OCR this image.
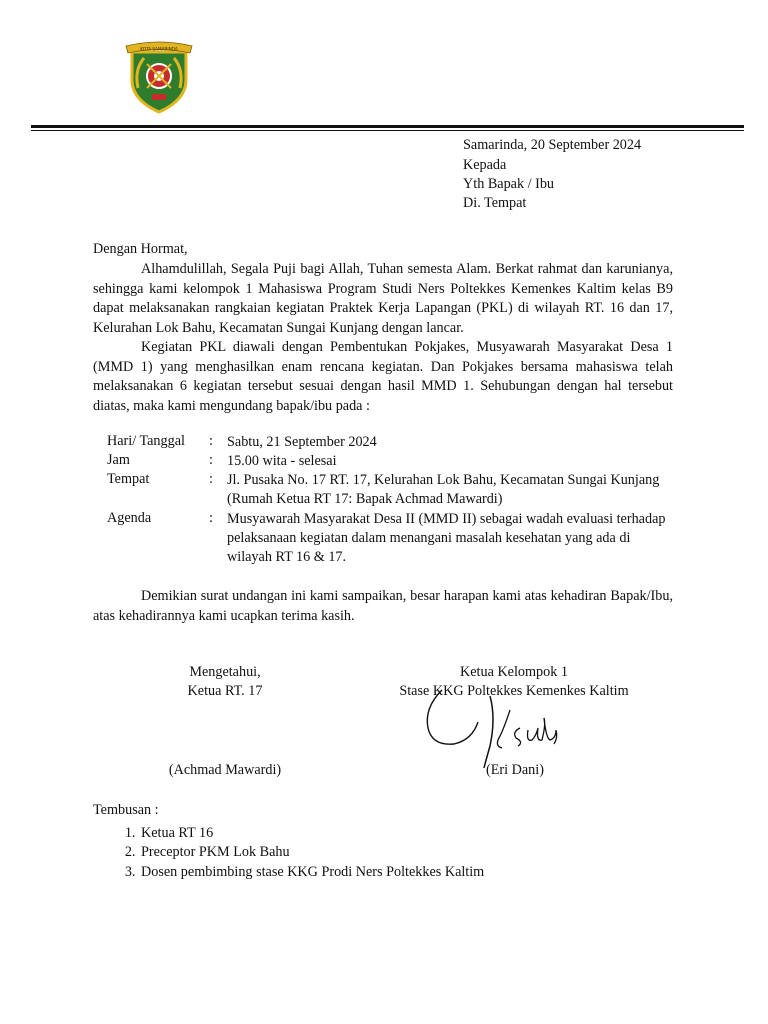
KOTA SAMARINDA
Samarinda, 20 September 2024
Kepada
Yth Bapak / Ibu
Di. Tempat
Dengan Hormat,
Alhamdulillah, Segala Puji bagi Allah, Tuhan semesta Alam. Berkat rahmat dan karunianya, sehingga kami kelompok 1 Mahasiswa Program Studi Ners Poltekkes Kemenkes Kaltim kelas B9 dapat melaksanakan rangkaian kegiatan Praktek Kerja Lapangan (PKL) di wilayah RT. 16 dan 17, Kelurahan Lok Bahu, Kecamatan Sungai Kunjang dengan lancar.
Kegiatan PKL diawali dengan Pembentukan Pokjakes, Musyawarah Masyarakat Desa 1 (MMD 1) yang menghasilkan enam rencana kegiatan. Dan Pokjakes bersama mahasiswa telah melaksanakan 6 kegiatan tersebut sesuai dengan hasil MMD 1. Sehubungan dengan hal tersebut diatas, maka kami mengundang bapak/ibu pada :
Hari/ Tanggal : Sabtu, 21 September 2024
Jam	: 15.00 wita - selesai
Tempat	: Jl. Pusaka No. 17 RT. 17, Kelurahan Lok Bahu, Kecamatan Sungai Kunjang (Rumah Ketua RT 17: Bapak Achmad Mawardi)
Agenda	: Musyawarah Masyarakat Desa II (MMD II) sebagai wadah evaluasi terhadap pelaksanaan kegiatan dalam menangani masalah kesehatan yang ada di wilayah RT 16 & 17.
Demikian surat undangan ini kami sampaikan, besar harapan kami atas kehadiran Bapak/Ibu, atas kehadirannya kami ucapkan terima kasih.
Mengetahui,
Ketua RT. 17
(Achmad Mawardi)
Ketua Kelompok 1
Stase KKG Poltekkes Kemenkes Kaltim
(Eri Dani)
Tembusan :
1. Ketua RT 16
2. Preceptor PKM Lok Bahu
3. Dosen pembimbing stase KKG Prodi Ners Poltekkes Kaltim
